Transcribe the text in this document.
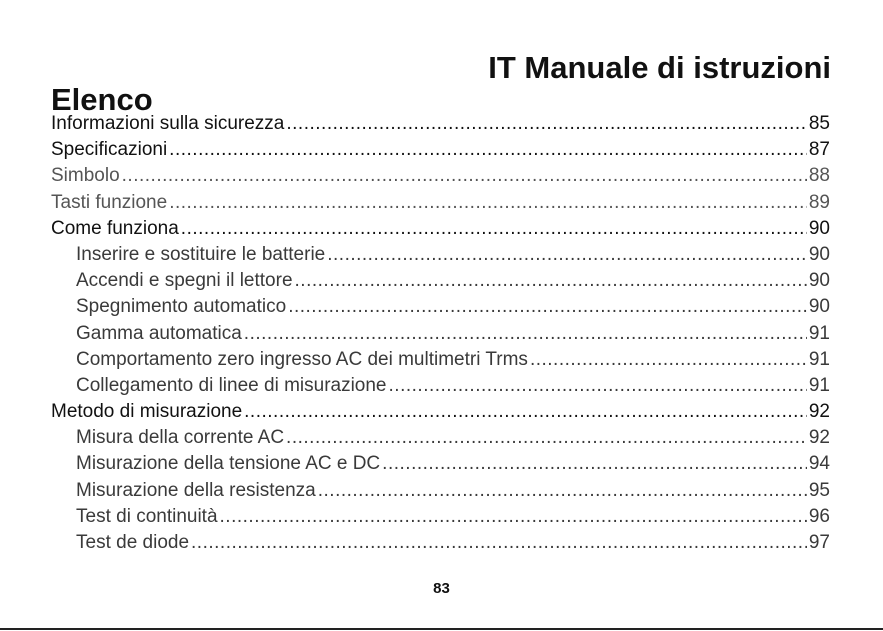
IT Manuale di istruzioni
Elenco
Informazioni sulla sicurezza .....	85
Specificazioni .....	87
Simbolo .....	88
Tasti funzione .....	89
Come funziona .....	90
Inserire e sostituire le batterie .....	90
Accendi e spegni il lettore .....	90
Spegnimento automatico .....	90
Gamma automatica .....	91
Comportamento zero ingresso AC dei multimetri Trms .....	91
Collegamento di linee di misurazione .....	91
Metodo di misurazione .....	92
Misura della corrente AC .....	92
Misurazione della tensione AC e DC .....	94
Misurazione della resistenza .....	95
Test di continuità .....	96
Test de diode .....	97
83
